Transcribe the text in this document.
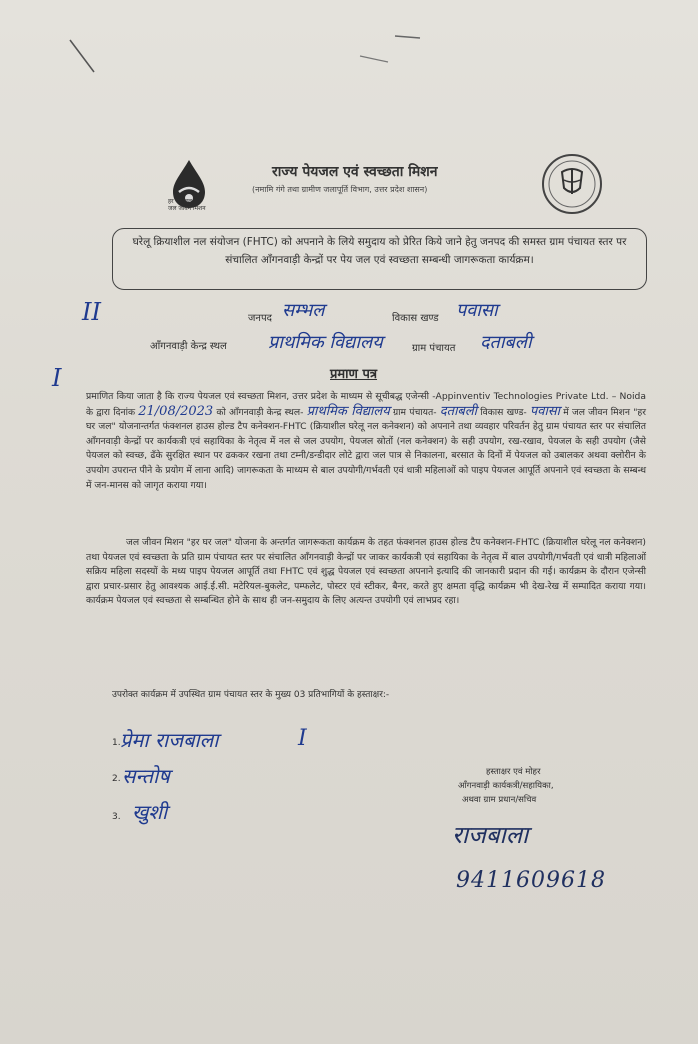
हर घर जल
जल जीवन मिशन
राज्य पेयजल एवं स्वच्छता मिशन
(नमामि गंगे तथा ग्रामीण जलापूर्ति विभाग, उत्तर प्रदेश शासन)
घरेलू क्रियाशील नल संयोजन (FHTC) को अपनाने के लिये समुदाय को प्रेरित किये जाने हेतु जनपद की समस्त ग्राम पंचायत स्तर पर संचालित आँगनवाड़ी केन्द्रों पर पेय जल एवं स्वच्छता सम्बन्धी जागरूकता कार्यक्रम।
II
I
जनपद सम्भल	विकास खण्ड पवासा
आँगनवाड़ी केन्द्र स्थल प्राथमिक विद्यालय	ग्राम पंचायत दताबली
प्रमाण पत्र
प्रमाणित किया जाता है कि राज्य पेयजल एवं स्वच्छता मिशन, उत्तर प्रदेश के माध्यम से सूचीबद्ध एजेन्सी -Appinventiv Technologies Private Ltd. – Noida के द्वारा दिनांक 21/08/2023 को आँगनवाड़ी केन्द्र स्थल- प्राथमिक विद्यालय ग्राम पंचायत- दताबली विकास खण्ड- पवासा में जल जीवन मिशन "हर घर जल" योजनान्तर्गत फंक्शनल हाउस होल्ड टैप कनेक्शन-FHTC (क्रियाशील घरेलू नल कनेक्शन) को अपनाने तथा व्यवहार परिवर्तन हेतु ग्राम पंचायत स्तर पर संचालित आँगनवाड़ी केन्द्रों पर कार्यकत्री एवं सहायिका के नेतृत्व में नल से जल उपयोग, पेयजल स्रोतों (नल कनेक्शन) के सही उपयोग, रख-रखाव, पेयजल के सही उपयोग (जैसे पेयजल को स्वच्छ, ढँके सुरक्षित स्थान पर ढककर रखना तथा टम्नी/डन्डीदार लोटे द्वारा जल पात्र से निकालना, बरसात के दिनों में पेयजल को उबालकर अथवा क्लोरीन के उपयोग उपरान्त पीने के प्रयोग में लाना आदि) जागरूकता के माध्यम से बाल उपयोगी/गर्भवती एवं धात्री महिलाओं को पाइप पेयजल आपूर्ति अपनाने एवं स्वच्छता के सम्बन्ध में जन-मानस को जागृत कराया गया।
जल जीवन मिशन "हर घर जल" योजना के अन्तर्गत जागरूकता कार्यक्रम के तहत फंक्शनल हाउस होल्ड टैप कनेक्शन-FHTC (क्रियाशील घरेलू नल कनेक्शन) तथा पेयजल एवं स्वच्छता के प्रति ग्राम पंचायत स्तर पर संचालित आँगनवाड़ी केन्द्रों पर जाकर कार्यकत्री एवं सहायिका के नेतृत्व में बाल उपयोगी/गर्भवती एवं धात्री महिलाओं सक्रिय महिला सदस्यों के मध्य पाइप पेयजल आपूर्ति तथा FHTC एवं शुद्ध पेयजल एवं स्वच्छता अपनाने इत्यादि की जानकारी प्रदान की गई। कार्यक्रम के दौरान एजेन्सी द्वारा प्रचार-प्रसार हेतु आवश्यक आई.ई.सी. मटेरियल-बुकलेट, पम्फलेट, पोस्टर एवं स्टीकर, बैनर, करते हुए क्षमता वृद्धि कार्यक्रम भी देख-रेख में सम्पादित कराया गया। कार्यक्रम पेयजल एवं स्वच्छता से सम्बन्धित होने के साथ ही जन-समुदाय के लिए अत्यन्त उपयोगी एवं लाभप्रद रहा।
उपरोक्त कार्यक्रम में उपस्थित ग्राम पंचायत स्तर के मुख्य 03 प्रतिभागियों के हस्ताक्षर:-
1. प्रेमा राजबाला	I
2. सन्तोष
3. खुशी
हस्ताक्षर एवं मोहर
आँगनवाड़ी कार्यकत्री/सहायिका,
अथवा ग्राम प्रधान/सचिव
राजबाला
9411609618
